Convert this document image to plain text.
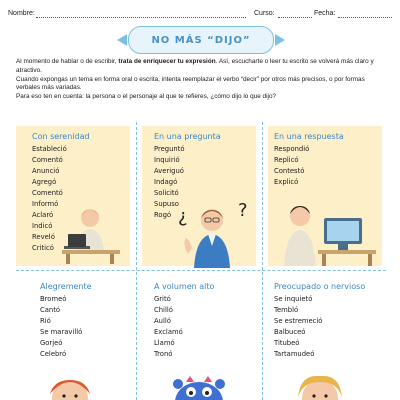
Nombre:	Curso:	Fecha:
NO MÁS “DIJO”

Al momento de hablar o de escribir, trata de enriquecer tu expresión. Así, escucharte o leer tu escrito se volverá más claro y atractivo.

Cuando expongas un tema en forma oral o escrita, intenta reemplazar el verbo “decir” por otros más precisos, o por formas verbales más variadas.

Para eso ten en cuenta: la persona o el personaje al que te refieres, ¿cómo dijo lo que dijo?

Con serenidad
Estableció
Comentó
Anunció
Agregó
Comentó
Informó
Aclaró
Indicó
Reveló
Criticó
En una pregunta
Preguntó
Inquirió
Averiguó
Indagó
Solicitó
Supuso
Rogó
En una respuesta
Respondió
Replicó
Contestó
Explicó
¿	?
Alegremente
Bromeó
Cantó
Rió
Se maravilló
Gorjeó
Celebró
A volumen alto
Gritó
Chilló
Aulló
Exclamó
Llamó
Tronó
Preocupado o nervioso
Se inquietó
Tembló
Se estremeció
Balbuceó
Titubeó
Tartamudeó
